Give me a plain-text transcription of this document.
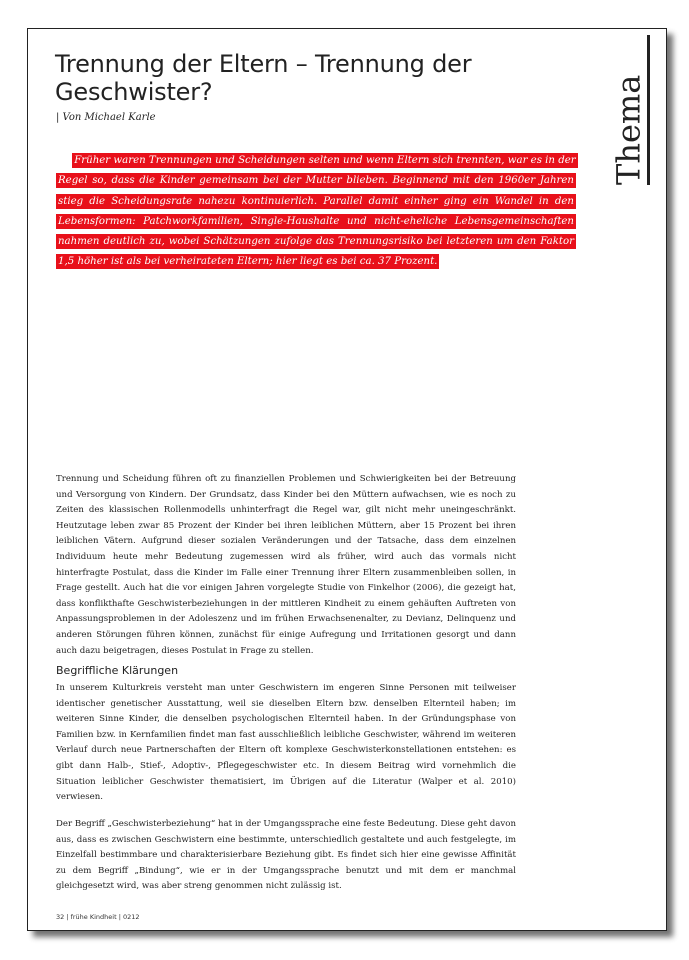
Trennung der Eltern – Trennung der Geschwister?
| Von Michael Karle	Thema

Früher waren Trennungen und Scheidungen selten und wenn Eltern sich trennten, war es in der Regel so, dass die Kinder gemeinsam bei der Mutter blieben. Beginnend mit den 1960er Jahren stieg die Scheidungsrate nahezu kontinuierlich. Parallel damit einher ging ein Wandel in den Lebensformen: Patchworkfamilien, Single-Haushalte und nicht-eheliche Lebensgemeinschaften nahmen deutlich zu, wobei Schätzungen zufolge das Trennungsrisiko bei letzteren um den Faktor 1,5 höher ist als bei verheirateten Eltern; hier liegt es bei ca. 37 Prozent.

Trennung und Scheidung führen oft zu finanziellen Problemen und Schwierigkeiten bei der Betreuung und Versorgung von Kindern. Der Grundsatz, dass Kinder bei den Müttern aufwachsen, wie es noch zu Zeiten des klassischen Rollenmodells unhinterfragt die Regel war, gilt nicht mehr uneingeschränkt. Heutzutage leben zwar 85 Prozent der Kinder bei ihren leiblichen Müttern, aber 15 Prozent bei ihren leiblichen Vätern. Aufgrund dieser sozialen Veränderungen und der Tatsache, dass dem einzelnen Individuum heute mehr Bedeutung zugemessen wird als früher, wird auch das vormals nicht hinterfragte Postulat, dass die Kinder im Falle einer Trennung ihrer Eltern zusammenbleiben sollen, in Frage gestellt. Auch hat die vor einigen Jahren vorgelegte Studie von Finkelhor (2006), die gezeigt hat, dass konflikthafte Geschwisterbeziehungen in der mittleren Kindheit zu einem gehäuften Auftreten von Anpassungsproblemen in der Adoleszenz und im frühen Erwachsenenalter, zu Devianz, Delinquenz und anderen Störungen führen können, zunächst für einige Aufregung und Irritationen gesorgt und dann auch dazu beigetragen, dieses Postulat in Frage zu stellen.

Begriffliche Klärungen

In unserem Kulturkreis versteht man unter Geschwistern im engeren Sinne Personen mit teilweiser identischer genetischer Ausstattung, weil sie dieselben Eltern bzw. denselben Elternteil haben; im weiteren Sinne Kinder, die denselben psychologischen Elternteil haben. In der Gründungsphase von Familien bzw. in Kernfamilien findet man fast ausschließlich leibliche Geschwister, während im weiteren Verlauf durch neue Partnerschaften der Eltern oft komplexe Geschwisterkonstellationen entstehen: es gibt dann Halb-, Stief-, Adoptiv-, Pflegegeschwister etc. In diesem Beitrag wird vornehmlich die Situation leiblicher Geschwister thematisiert, im Übrigen auf die Literatur (Walper et al. 2010) verwiesen.

Der Begriff „Geschwisterbeziehung“ hat in der Umgangssprache eine feste Bedeutung. Diese geht davon aus, dass es zwischen Geschwistern eine bestimmte, unterschiedlich gestaltete und auch festgelegte, im Einzelfall bestimmbare und charakterisierbare Beziehung gibt. Es findet sich hier eine gewisse Affinität zu dem Begriff „Bindung“, wie er in der Umgangssprache benutzt und mit dem er manchmal gleichgesetzt wird, was aber streng genommen nicht zulässig ist.

32 | frühe Kindheit | 0212
